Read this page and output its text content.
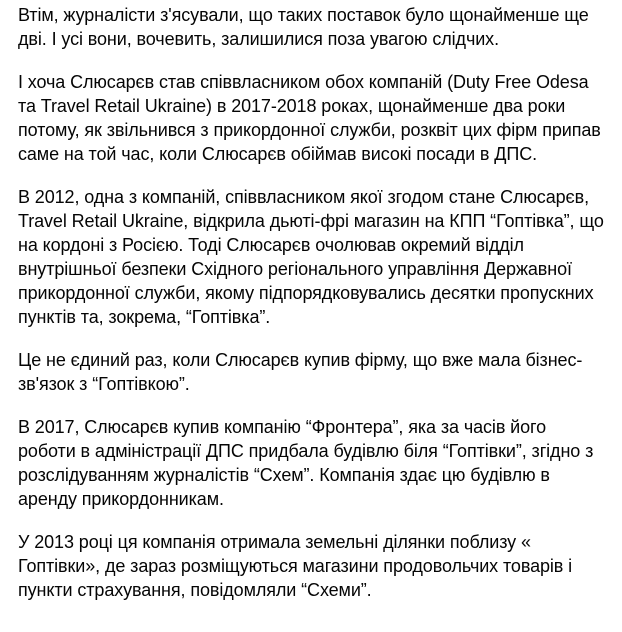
Втім, журналісти з'ясували, що таких поставок було щонайменше ще дві. І усі вони, вочевить, залишилися поза увагою слідчих.

І хоча Слюсарєв став співвласником обох компаній (Duty Free Odesa та Travel Retail Ukraine) в 2017-2018 роках, щонайменше два роки потому, як звільнився з прикордонної служби, розквіт цих фірм припав саме на той час, коли Слюсарєв обіймав високі посади в ДПС.

В 2012, одна з компаній, співвласником якої згодом стане Слюсарєв, Travel Retail Ukraine, відкрила дьюті-фрі магазин на КПП “Гоптівка”, що на кордоні з Росією. Тоді Слюсарєв очолював окремий відділ внутрішньої безпеки Східного регіонального управління Державної прикордонної служби, якому підпорядковувались десятки пропускних пунктів та, зокрема, “Гоптівка”.

Це не єдиний раз, коли Слюсарєв купив фірму, що вже мала бізнес-зв'язок з “Гоптівкою”.

В 2017, Слюсарєв купив компанію “Фронтера”, яка за часів його роботи в адміністрації ДПС придбала будівлю біля “Гоптівки”, згідно з розслідуванням журналістів “Схем”. Компанія здає цю будівлю в аренду прикордонникам.

У 2013 році ця компанія отримала земельні ділянки поблизу « Гоптівки», де зараз розміщуються магазини продовольчих товарів і пункти страхування, повідомляли “Схеми”.
